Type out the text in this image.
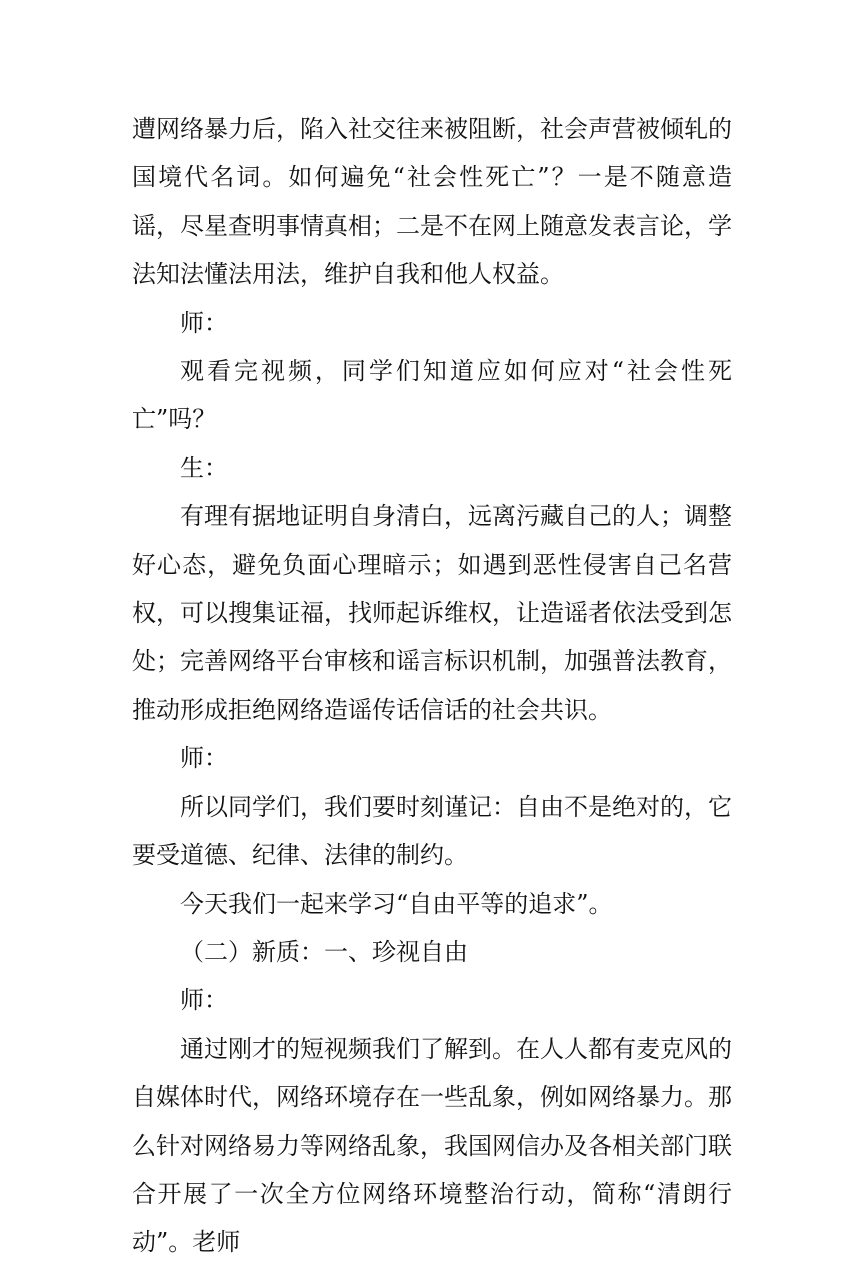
遭网络暴力后，陷入社交往来被阻断，社会声营被倾轧的国境代名词。如何遍免“社会性死亡”？一是不随意造谣，尽星查明事情真相；二是不在网上随意发表言论，学法知法懂法用法，维护自我和他人权益。

师：

观看完视频，同学们知道应如何应对“社会性死亡”吗？

生：

有理有据地证明自身清白，远离污藏自己的人；调整好心态，避免负面心理暗示；如遇到恶性侵害自己名营权，可以搜集证福，找师起诉维权，让造谣者依法受到怎处；完善网络平台审核和谣言标识机制，加强普法教育，推动形成拒绝网络造谣传话信话的社会共识。

师：

所以同学们，我们要时刻谨记：自由不是绝对的，它要受道德、纪律、法律的制约。

今天我们一起来学习“自由平等的追求”。

（二）新质：一、珍视自由

师：

通过刚才的短视频我们了解到。在人人都有麦克风的自媒体时代，网络环境存在一些乱象，例如网络暴力。那么针对网络易力等网络乱象，我国网信办及各相关部门联合开展了一次全方位网络环境整治行动，简称“清朗行动”。老师
